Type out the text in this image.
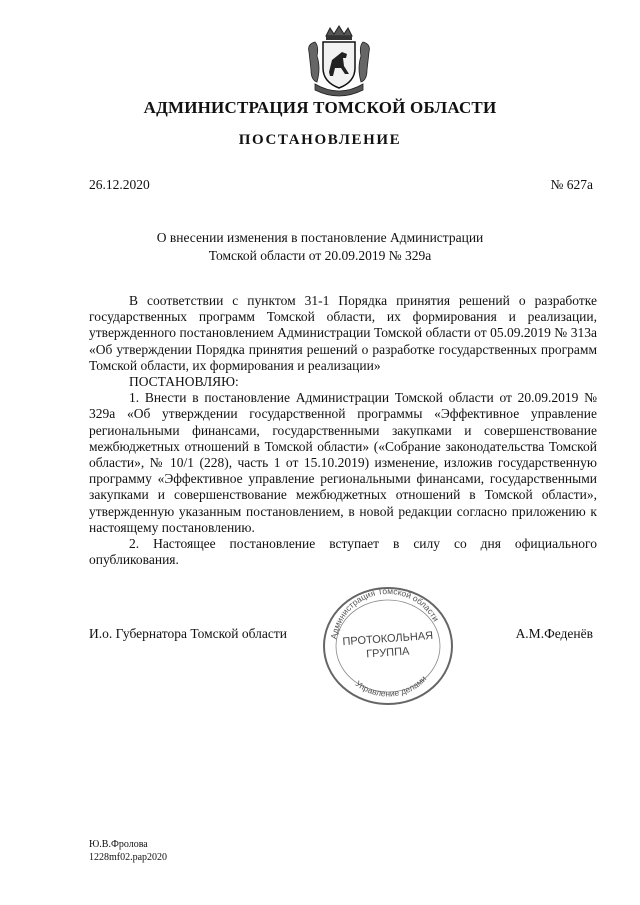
АДМИНИСТРАЦИЯ ТОМСКОЙ ОБЛАСТИ
ПОСТАНОВЛЕНИЕ
26.12.2020	№ 627а
О внесении изменения в постановление Администрации
Томской области от 20.09.2019 № 329а

В соответствии с пунктом 31-1 Порядка принятия решений о разработке государственных программ Томской области, их формирования и реализации, утвержденного постановлением Администрации Томской области от 05.09.2019 № 313а «Об утверждении Порядка принятия решений о разработке государственных программ Томской области, их формирования и реализации»

ПОСТАНОВЛЯЮ:

1. Внести в постановление Администрации Томской области от 20.09.2019 № 329а «Об утверждении государственной программы «Эффективное управление региональными финансами, государственными закупками и совершенствование межбюджетных отношений в Томской области» («Собрание законодательства Томской области», № 10/1 (228), часть 1 от 15.10.2019) изменение, изложив государственную программу «Эффективное управление региональными финансами, государственными закупками и совершенствование межбюджетных отношений в Томской области», утвержденную указанным постановлением, в новой редакции согласно приложению к настоящему постановлению.

2. Настоящее постановление вступает в силу со дня официального опубликования.

И.о. Губернатора Томской области	А.М.Феденёв
Администрация Томской области
Управление делами
ПРОТОКОЛЬНАЯ
ГРУППА
Ю.В.Фролова
1228mf02.pap2020
